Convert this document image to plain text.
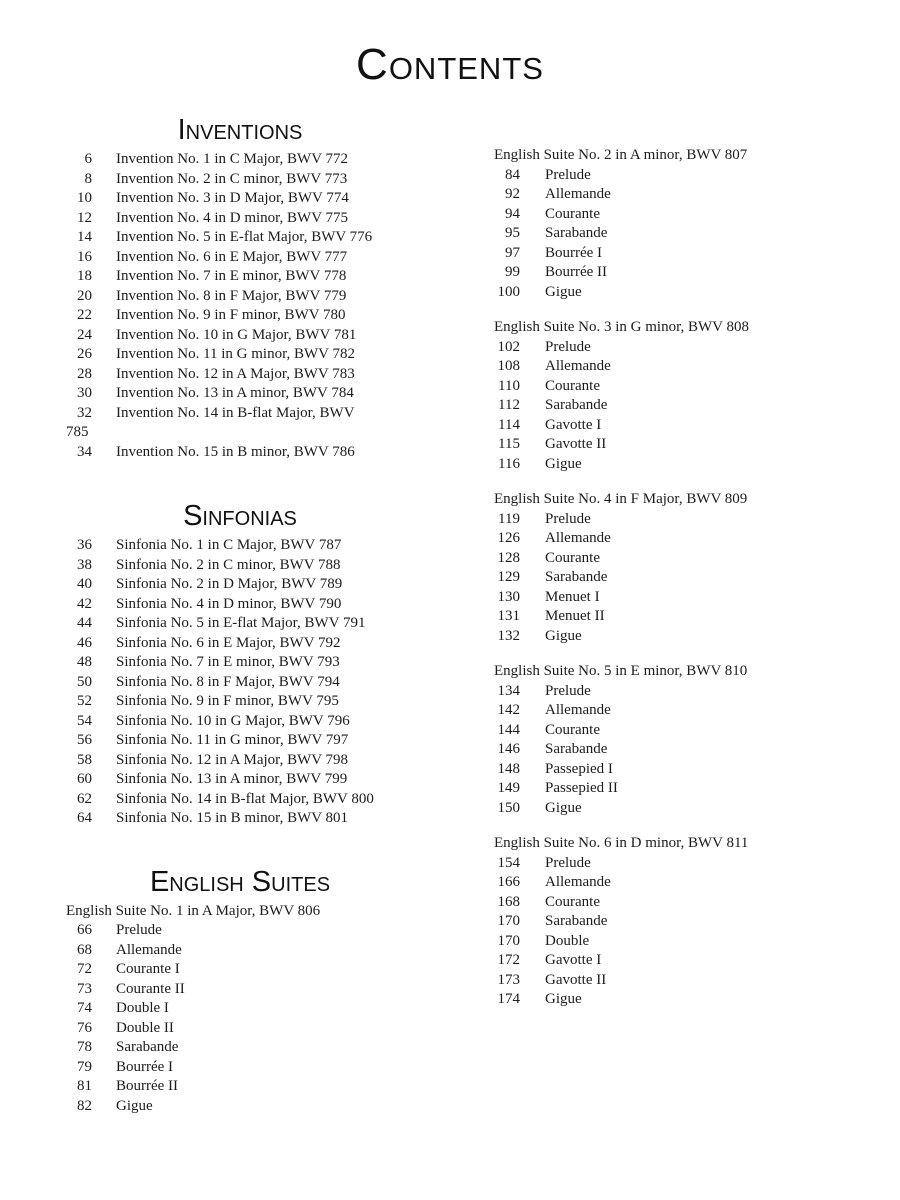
Contents
Inventions
6 Invention No. 1 in C Major, BWV 772
8 Invention No. 2 in C minor, BWV 773
10 Invention No. 3 in D Major, BWV 774
12 Invention No. 4 in D minor, BWV 775
14 Invention No. 5 in E-flat Major, BWV 776
16 Invention No. 6 in E Major, BWV 777
18 Invention No. 7 in E minor, BWV 778
20 Invention No. 8 in F Major, BWV 779
22 Invention No. 9 in F minor, BWV 780
24 Invention No. 10 in G Major, BWV 781
26 Invention No. 11 in G minor, BWV 782
28 Invention No. 12 in A Major, BWV 783
30 Invention No. 13 in A minor, BWV 784
32 Invention No. 14 in B-flat Major, BWV
785
34 Invention No. 15 in B minor, BWV 786
Sinfonias
36 Sinfonia No. 1 in C Major, BWV 787
38 Sinfonia No. 2 in C minor, BWV 788
40 Sinfonia No. 2 in D Major, BWV 789
42 Sinfonia No. 4 in D minor, BWV 790
44 Sinfonia No. 5 in E-flat Major, BWV 791
46 Sinfonia No. 6 in E Major, BWV 792
48 Sinfonia No. 7 in E minor, BWV 793
50 Sinfonia No. 8 in F Major, BWV 794
52 Sinfonia No. 9 in F minor, BWV 795
54 Sinfonia No. 10 in G Major, BWV 796
56 Sinfonia No. 11 in G minor, BWV 797
58 Sinfonia No. 12 in A Major, BWV 798
60 Sinfonia No. 13 in A minor, BWV 799
62 Sinfonia No. 14 in B-flat Major, BWV 800
64 Sinfonia No. 15 in B minor, BWV 801
English Suites
English Suite No. 1 in A Major, BWV 806
66 Prelude
68 Allemande
72 Courante I
73 Courante II
74 Double I
76 Double II
78 Sarabande
79 Bourrée I
81 Bourrée II
82 Gigue
English Suite No. 2 in A minor, BWV 807
84 Prelude
92 Allemande
94 Courante
95 Sarabande
97 Bourrée I
99 Bourrée II
100 Gigue
English Suite No. 3 in G minor, BWV 808
102 Prelude
108 Allemande
110 Courante
112 Sarabande
114 Gavotte I
115 Gavotte II
116 Gigue
English Suite No. 4 in F Major, BWV 809
119 Prelude
126 Allemande
128 Courante
129 Sarabande
130 Menuet I
131 Menuet II
132 Gigue
English Suite No. 5 in E minor, BWV 810
134 Prelude
142 Allemande
144 Courante
146 Sarabande
148 Passepied I
149 Passepied II
150 Gigue
English Suite No. 6 in D minor, BWV 811
154 Prelude
166 Allemande
168 Courante
170 Sarabande
170 Double
172 Gavotte I
173 Gavotte II
174 Gigue
